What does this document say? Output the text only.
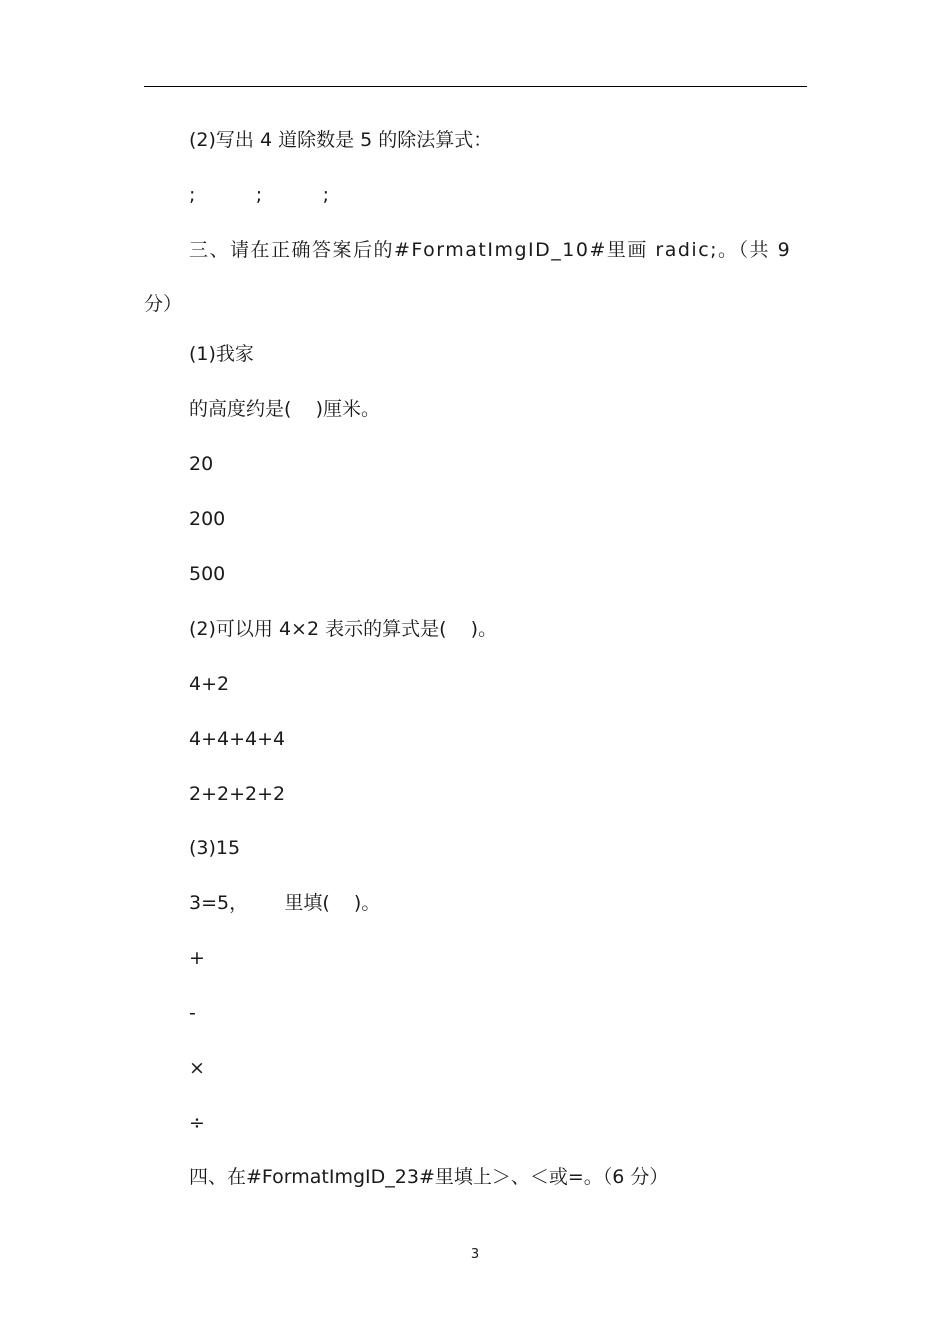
(2)写出 4 道除数是 5 的除法算式：
;          ;          ;
三、请在正确答案后的#FormatImgID_10#里画 radic;。（共 9
分）
(1)我家
的高度约是(    )厘米。
20
200
500
(2)可以用 4×2 表示的算式是(    )。
4+2
4+4+4+4
2+2+2+2
(3)15
3=5，      里填(    )。
+
-
×
÷
四、在#FormatImgID_23#里填上＞、＜或=。（6 分）
3
